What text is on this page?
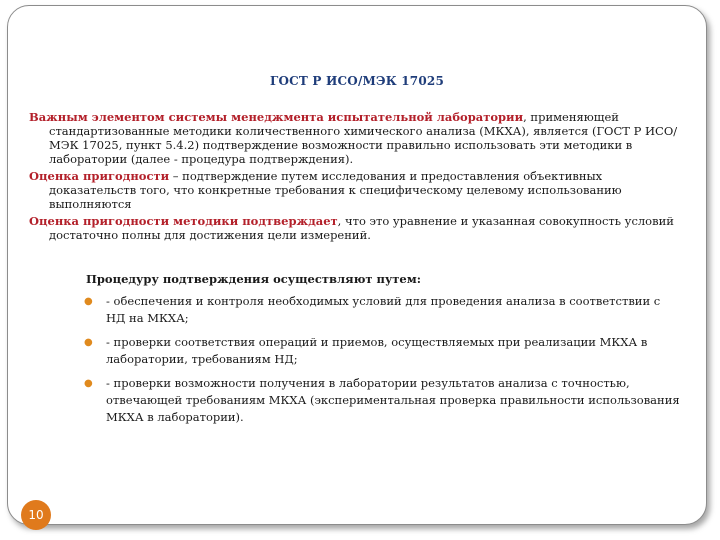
ГОСТ Р ИСО/МЭК 17025

Важным элементом системы менеджмента испытательной лаборатории, применяющей
стандартизованные методики количественного химического анализа (МКХА), является (ГОСТ Р ИСО/МЭК 17025, пункт 5.4.2) подтверждение возможности правильно использовать эти методики в лаборатории (далее - процедура подтверждения).

Оценка пригодности – подтверждение путем исследования и предоставления объективных
доказательств того, что конкретные требования к специфическому целевому использованию выполняются

Оценка пригодности методики подтверждает, что это уравнение и указанная совокупность условий
достаточно полны для достижения цели измерений.

Процедуру подтверждения осуществляют путем:
● - обеспечения и контроля необходимых условий для проведения анализа в соответствии с НД на МКХА;
● - проверки соответствия операций и приемов, осуществляемых при реализации МКХА в лаборатории, требованиям НД;
● - проверки возможности получения в лаборатории результатов анализа с точностью, отвечающей требованиям МКХА (экспериментальная проверка правильности использования МКХА в лаборатории).
10
